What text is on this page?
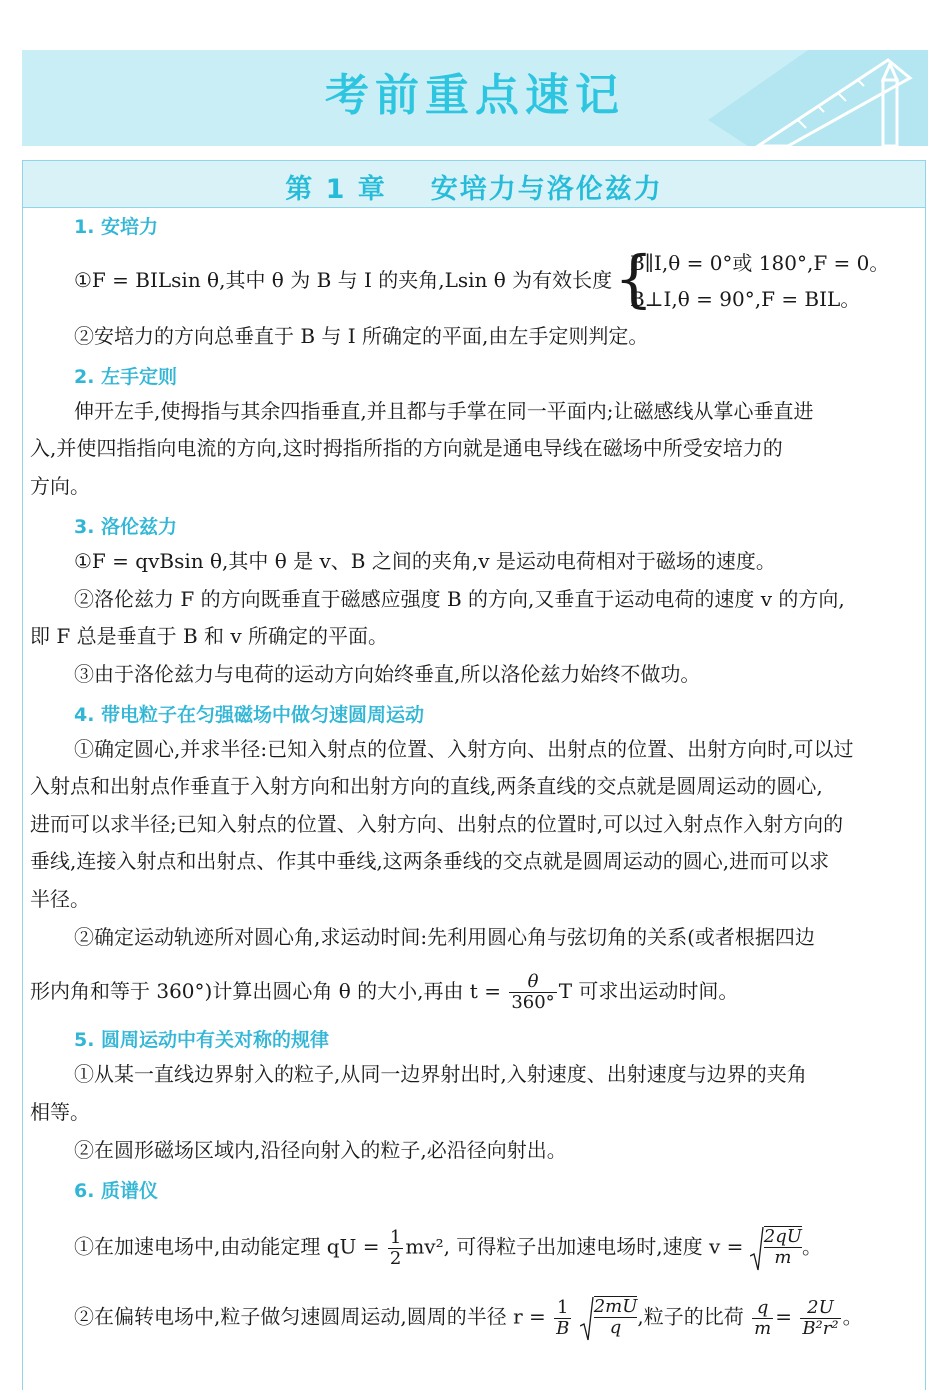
考前重点速记
第 1 章 安培力与洛伦兹力
1. 安培力
①F = BILsin θ,其中 θ 为 B 与 I 的夹角,Lsin θ 为有效长度 {
B∥I,θ = 0°或 180°,F = 0。
B⊥I,θ = 90°,F = BIL。
②安培力的方向总垂直于 B 与 I 所确定的平面,由左手定则判定。
2. 左手定则
伸开左手,使拇指与其余四指垂直,并且都与手掌在同一平面内;让磁感线从掌心垂直进
入,并使四指指向电流的方向,这时拇指所指的方向就是通电导线在磁场中所受安培力的
方向。
3. 洛伦兹力
①F = qvBsin θ,其中 θ 是 v、B 之间的夹角,v 是运动电荷相对于磁场的速度。
②洛伦兹力 F 的方向既垂直于磁感应强度 B 的方向,又垂直于运动电荷的速度 v 的方向,
即 F 总是垂直于 B 和 v 所确定的平面。
③由于洛伦兹力与电荷的运动方向始终垂直,所以洛伦兹力始终不做功。
4. 带电粒子在匀强磁场中做匀速圆周运动
①确定圆心,并求半径:已知入射点的位置、入射方向、出射点的位置、出射方向时,可以过
入射点和出射点作垂直于入射方向和出射方向的直线,两条直线的交点就是圆周运动的圆心,
进而可以求半径;已知入射点的位置、入射方向、出射点的位置时,可以过入射点作入射方向的
垂线,连接入射点和出射点、作其中垂线,这两条垂线的交点就是圆周运动的圆心,进而可以求
半径。
②确定运动轨迹所对圆心角,求运动时间:先利用圆心角与弦切角的关系(或者根据四边
形内角和等于 360°)计算出圆心角 θ 的大小,再由 $t = \frac{\theta}{360^\circ}$ T 可求出运动时间。
5. 圆周运动中有关对称的规律
①从某一直线边界射入的粒子,从同一边界射出时,入射速度、出射速度与边界的夹角
相等。
②在圆形磁场区域内,沿径向射入的粒子,必沿径向射出。
6. 质谱仪
①在加速电场中,由动能定理 qU = $\frac{1}{2} mv^2$, 可得粒子出加速电场时,速度 $v = \frac{2qU}{m}$ 。
②在偏转电场中,粒子做匀速圆周运动,圆周的半径 $r = \frac{1}{B}$
$\frac{2mU}{q}$ ,粒子的比荷 $\frac{q}{m} = \frac{2U}{\text{B²r²}}$ 。
